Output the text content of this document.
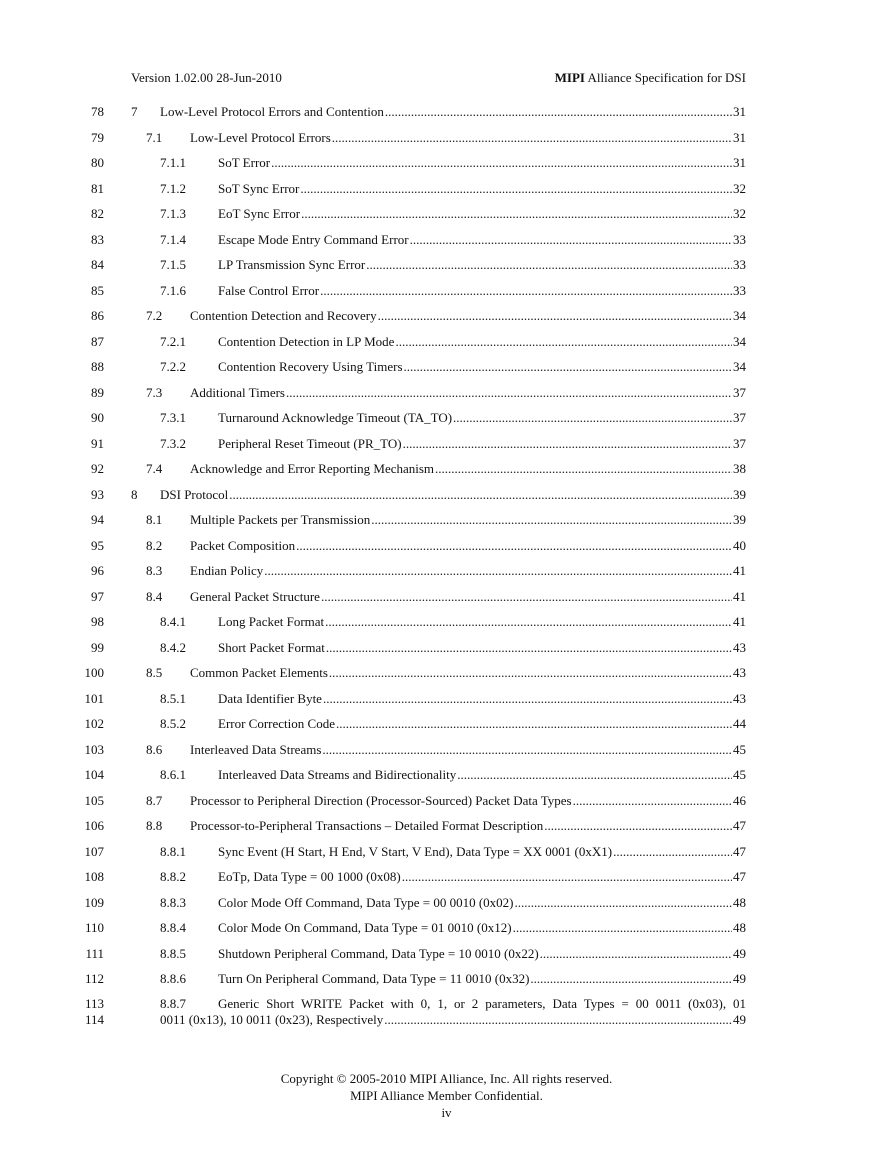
Version 1.02.00 28-Jun-2010	MIPI Alliance Specification for DSI
78 7 Low-Level Protocol Errors and Contention .....	31
79	7.1 Low-Level Protocol Errors .....	31
80	7.1.1 SoT Error .....	31
81	7.1.2 SoT Sync Error .....	32
82	7.1.3 EoT Sync Error .....	32
83	7.1.4 Escape Mode Entry Command Error .....	33
84	7.1.5 LP Transmission Sync Error .....	33
85	7.1.6 False Control Error .....	33
86	7.2 Contention Detection and Recovery .....	34
87	7.2.1 Contention Detection in LP Mode .....	34
88	7.2.2 Contention Recovery Using Timers .....	34
89	7.3 Additional Timers .....	37
90	7.3.1 Turnaround Acknowledge Timeout (TA_TO) .....	37
91	7.3.2 Peripheral Reset Timeout (PR_TO) .....	37
92	7.4 Acknowledge and Error Reporting Mechanism .....	38
93 8 DSI Protocol .....	39
94	8.1 Multiple Packets per Transmission .....	39
95	8.2 Packet Composition .....	40
96	8.3 Endian Policy .....	41
97	8.4 General Packet Structure .....	41
98	8.4.1 Long Packet Format .....	41
99	8.4.2 Short Packet Format .....	43
100	8.5 Common Packet Elements .....	43
101	8.5.1 Data Identifier Byte .....	43
102	8.5.2 Error Correction Code .....	44
103	8.6 Interleaved Data Streams .....	45
104	8.6.1 Interleaved Data Streams and Bidirectionality .....	45
105	8.7 Processor to Peripheral Direction (Processor-Sourced) Packet Data Types .....	46
106	8.8 Processor-to-Peripheral Transactions – Detailed Format Description .....	47
107	8.8.1 Sync Event (H Start, H End, V Start, V End), Data Type = XX 0001 (0xX1) .....	47
108	8.8.2 EoTp, Data Type = 00 1000 (0x08) .....	47
109	8.8.3 Color Mode Off Command, Data Type = 00 0010 (0x02) .....	48
110	8.8.4 Color Mode On Command, Data Type = 01 0010 (0x12) .....	48
111	8.8.5 Shutdown Peripheral Command, Data Type = 10 0010 (0x22) .....	49
112	8.8.6 Turn On Peripheral Command, Data Type = 11 0010 (0x32) .....	49
113	8.8.7 Generic Short WRITE Packet with 0, 1, or 2 parameters, Data Types = 00 0011 (0x03), 01
114	0011 (0x13), 10 0011 (0x23), Respectively .....	49
Copyright © 2005-2010 MIPI Alliance, Inc. All rights reserved.
MIPI Alliance Member Confidential.
iv
